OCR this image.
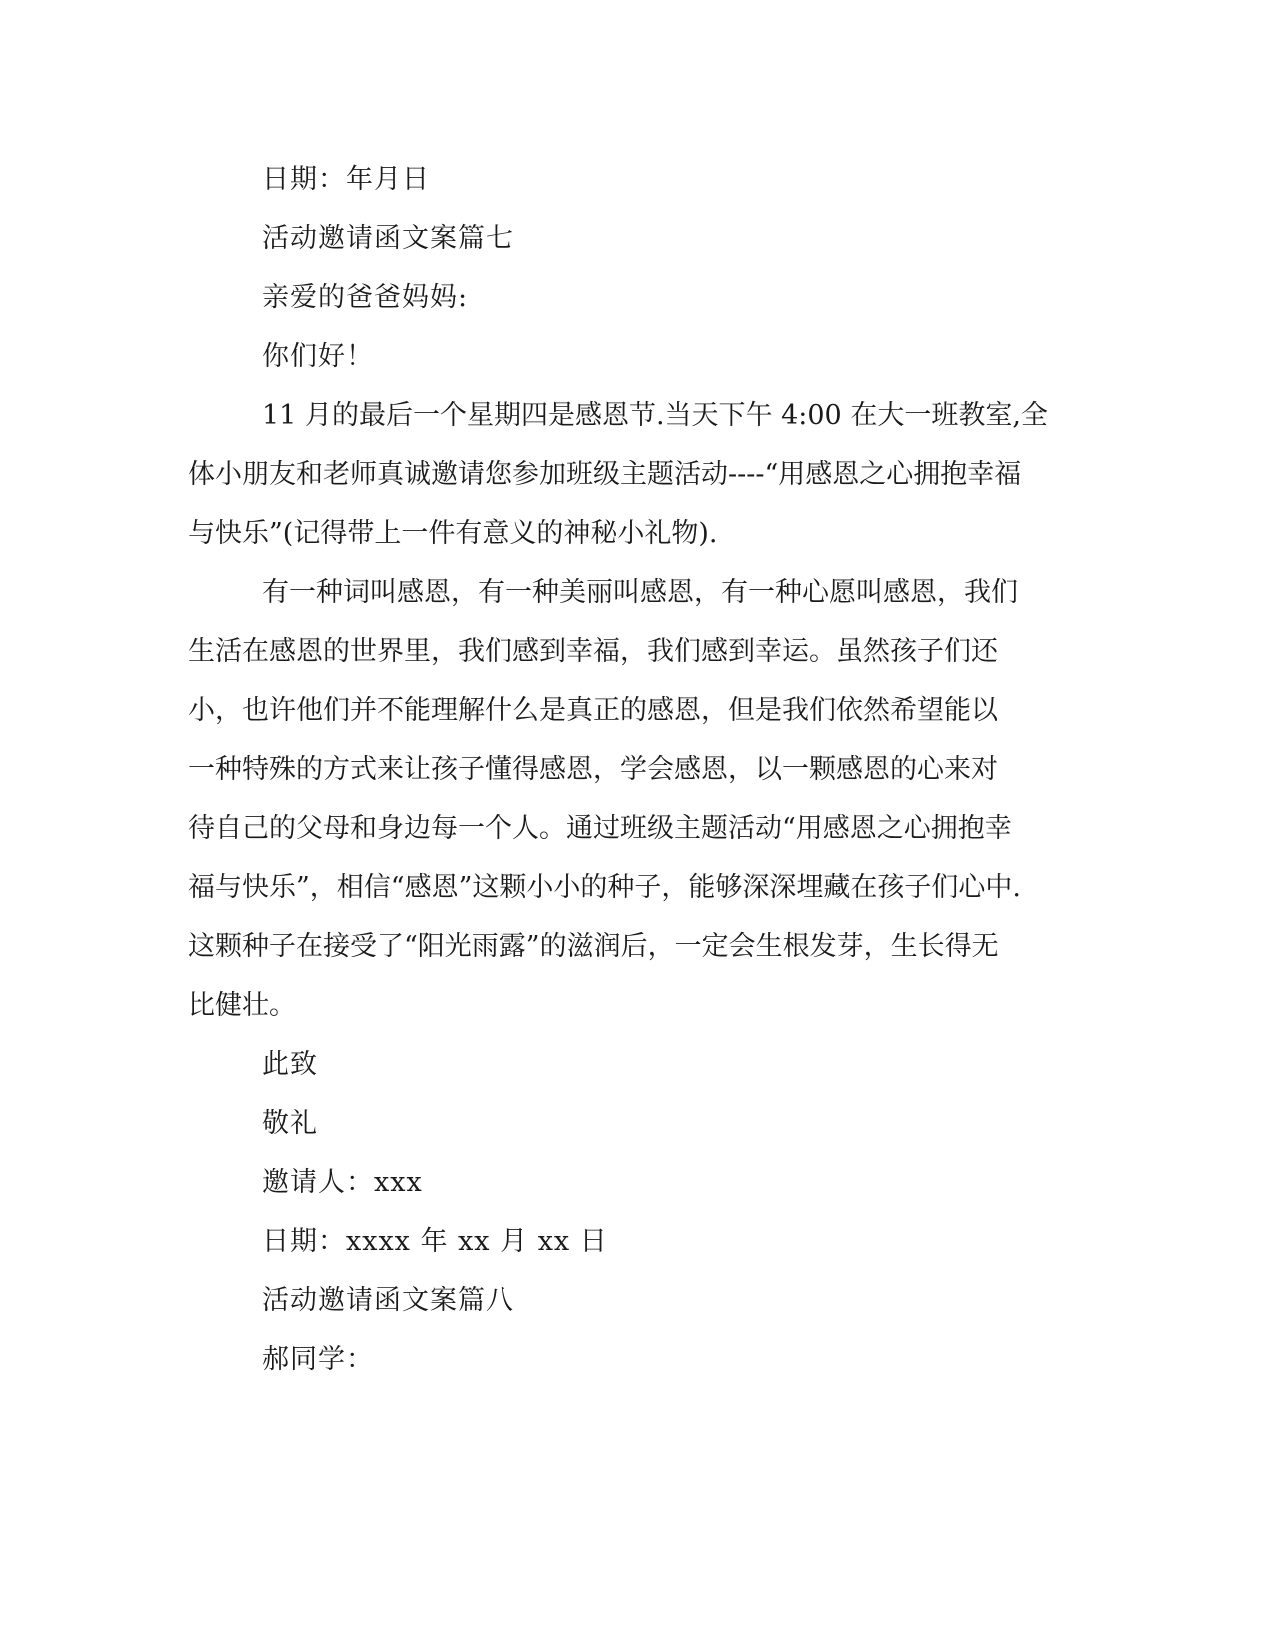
日期：年月日
活动邀请函文案篇七
亲爱的爸爸妈妈:
你们好！
11 月的最后一个星期四是感恩节.当天下午 4:00 在大一班教室,全
体小朋友和老师真诚邀请您参加班级主题活动----“用感恩之心拥抱幸福
与快乐”(记得带上一件有意义的神秘小礼物).
有一种词叫感恩，有一种美丽叫感恩，有一种心愿叫感恩，我们
生活在感恩的世界里，我们感到幸福，我们感到幸运。虽然孩子们还
小，也许他们并不能理解什么是真正的感恩，但是我们依然希望能以
一种特殊的方式来让孩子懂得感恩，学会感恩，以一颗感恩的心来对
待自己的父母和身边每一个人。通过班级主题活动“用感恩之心拥抱幸
福与快乐”，相信“感恩”这颗小小的种子，能够深深埋藏在孩子们心中.
这颗种子在接受了“阳光雨露”的滋润后，一定会生根发芽，生长得无
比健壮。
此致
敬礼
邀请人：xxx
日期：xxxx 年 xx 月 xx 日
活动邀请函文案篇八
郝同学：
